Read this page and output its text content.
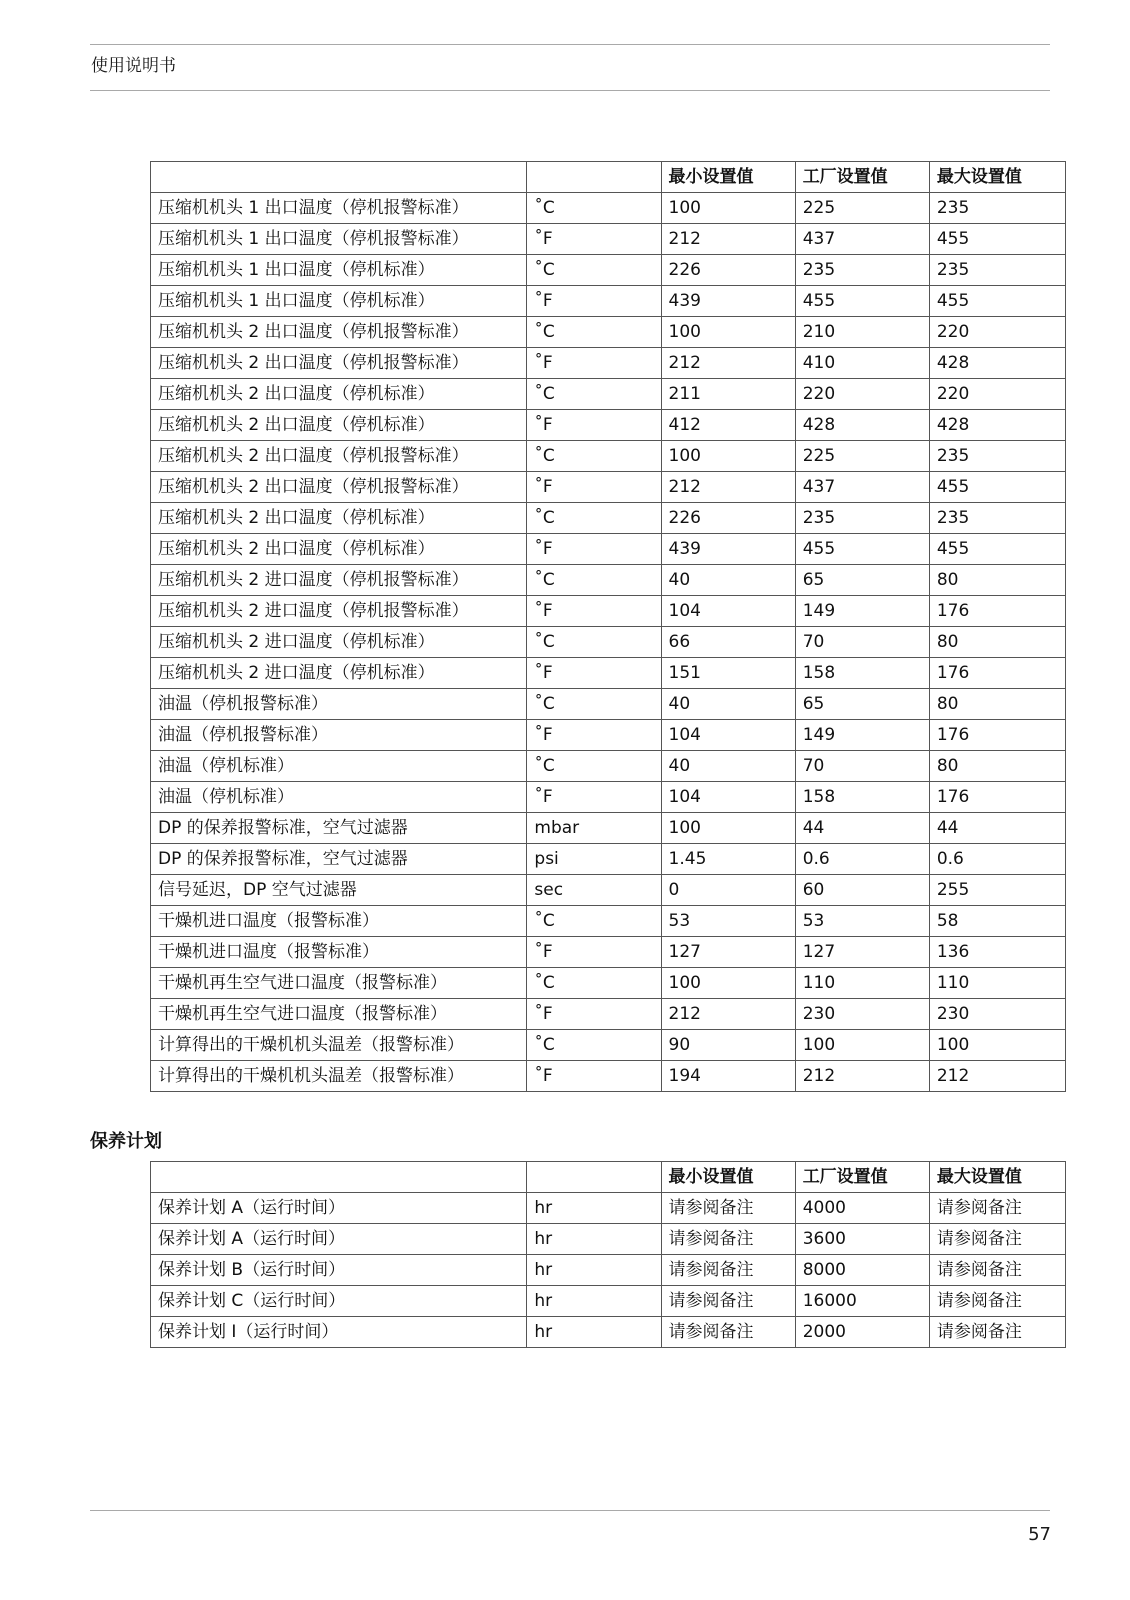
使用说明书
		最小设置值	工厂设置值	最大设置值
压缩机机头 1 出口温度（停机报警标准）	˚C	100	225	235
压缩机机头 1 出口温度（停机报警标准）	˚F	212	437	455
压缩机机头 1 出口温度（停机标准）	˚C	226	235	235
压缩机机头 1 出口温度（停机标准）	˚F	439	455	455
压缩机机头 2 出口温度（停机报警标准）	˚C	100	210	220
压缩机机头 2 出口温度（停机报警标准）	˚F	212	410	428
压缩机机头 2 出口温度（停机标准）	˚C	211	220	220
压缩机机头 2 出口温度（停机标准）	˚F	412	428	428
压缩机机头 2 出口温度（停机报警标准）	˚C	100	225	235
压缩机机头 2 出口温度（停机报警标准）	˚F	212	437	455
压缩机机头 2 出口温度（停机标准）	˚C	226	235	235
压缩机机头 2 出口温度（停机标准）	˚F	439	455	455
压缩机机头 2 进口温度（停机报警标准）	˚C	40	65	80
压缩机机头 2 进口温度（停机报警标准）	˚F	104	149	176
压缩机机头 2 进口温度（停机标准）	˚C	66	70	80
压缩机机头 2 进口温度（停机标准）	˚F	151	158	176
油温（停机报警标准）	˚C	40	65	80
油温（停机报警标准）	˚F	104	149	176
油温（停机标准）	˚C	40	70	80
油温（停机标准）	˚F	104	158	176
DP 的保养报警标准，空气过滤器	mbar	100	44	44
DP 的保养报警标准，空气过滤器	psi	1.45	0.6	0.6
信号延迟，DP 空气过滤器	sec	0	60	255
干燥机进口温度（报警标准）	˚C	53	53	58
干燥机进口温度（报警标准）	˚F	127	127	136
干燥机再生空气进口温度（报警标准）	˚C	100	110	110
干燥机再生空气进口温度（报警标准）	˚F	212	230	230
计算得出的干燥机机头温差（报警标准）	˚C	90	100	100
计算得出的干燥机机头温差（报警标准）	˚F	194	212	212
保养计划
		最小设置值	工厂设置值	最大设置值
保养计划 A（运行时间）	hr	请参阅备注	4000	请参阅备注
保养计划 A（运行时间）	hr	请参阅备注	3600	请参阅备注
保养计划 B（运行时间）	hr	请参阅备注	8000	请参阅备注
保养计划 C（运行时间）	hr	请参阅备注	16000	请参阅备注
保养计划 I（运行时间）	hr	请参阅备注	2000	请参阅备注
57
